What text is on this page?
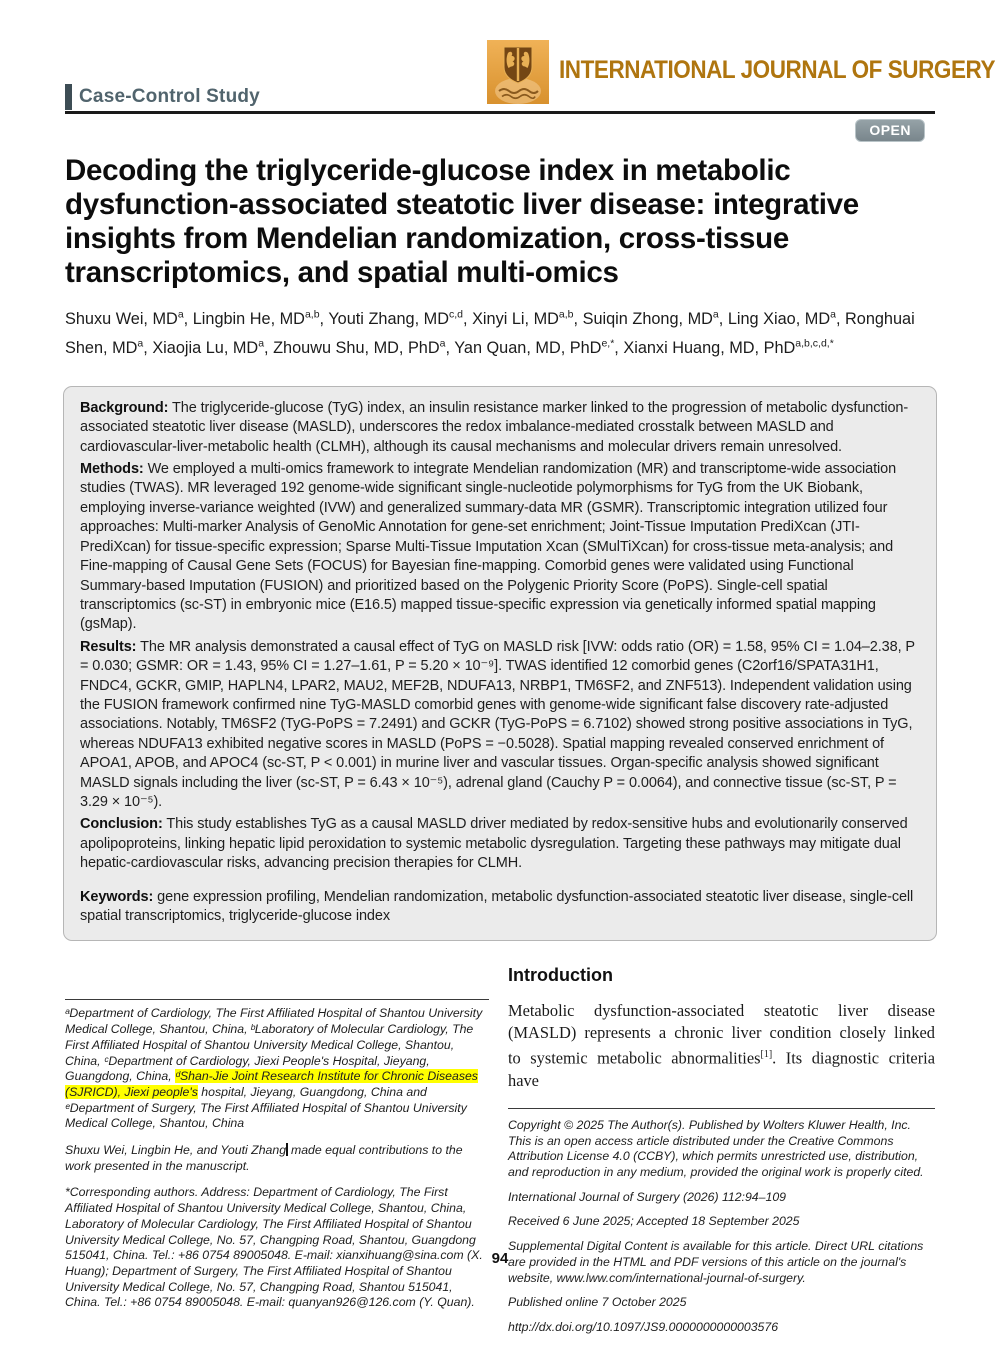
INTERNATIONAL JOURNAL OF SURGERY
Case-Control Study
OPEN
Decoding the triglyceride-glucose index in metabolic dysfunction-associated steatotic liver disease: integrative insights from Mendelian randomization, cross-tissue transcriptomics, and spatial multi-omics
Shuxu Wei, $MD^a$, Lingbin He, MD$^{a,b}$, Youti Zhang, MD$^{c,d}$, Xinyi Li, MD$^{a,b}$, Suiqin Zhong, $MD^a$, Ling Xiao, $MD^a$, Ronghuai Shen, $MD^a$, Xiaojia Lu, $MD^a$, Zhouwu Shu, MD, PhD$^a$, Yan Quan, MD, PhD$^{e,*}$, Xianxi Huang, MD, PhD$^{a,b,c,d,*}$

Background: The triglyceride-glucose (TyG) index, an insulin resistance marker linked to the progression of metabolic dysfunction-associated steatotic liver disease (MASLD), underscores the redox imbalance-mediated crosstalk between MASLD and cardiovascular-liver-metabolic health (CLMH), although its causal mechanisms and molecular drivers remain unresolved.

Methods: We employed a multi-omics framework to integrate Mendelian randomization (MR) and transcriptome-wide association studies (TWAS). MR leveraged 192 genome-wide significant single-nucleotide polymorphisms for TyG from the UK Biobank, employing inverse-variance weighted (IVW) and generalized summary-data MR (GSMR). Transcriptomic integration utilized four approaches: Multi-marker Analysis of GenoMic Annotation for gene-set enrichment; Joint-Tissue Imputation PrediXcan (JTI-PrediXcan) for tissue-specific expression; Sparse Multi-Tissue Imputation Xcan (SMulTiXcan) for cross-tissue meta-analysis; and Fine-mapping of Causal Gene Sets (FOCUS) for Bayesian fine-mapping. Comorbid genes were validated using Functional Summary-based Imputation (FUSION) and prioritized based on the Polygenic Priority Score (PoPS). Single-cell spatial transcriptomics (sc-ST) in embryonic mice (E16.5) mapped tissue-specific expression via genetically informed spatial mapping (gsMap).

Results: The MR analysis demonstrated a causal effect of TyG on MASLD risk [IVW: odds ratio (OR) = 1.58, 95% CI = 1.04–2.38, P = 0.030; GSMR: OR = 1.43, 95% CI = 1.27–1.61, P = 5.20 × 10⁻⁹]. TWAS identified 12 comorbid genes (C2orf16/SPATA31H1, FNDC4, GCKR, GMIP, HAPLN4, LPAR2, MAU2, MEF2B, NDUFA13, NRBP1, TM6SF2, and ZNF513). Independent validation using the FUSION framework confirmed nine TyG-MASLD comorbid genes with genome-wide significant false discovery rate-adjusted associations. Notably, TM6SF2 (TyG-PoPS = 7.2491) and GCKR (TyG-PoPS = 6.7102) showed strong positive associations in TyG, whereas NDUFA13 exhibited negative scores in MASLD (PoPS = −0.5028). Spatial mapping revealed conserved enrichment of APOA1, APOB, and APOC4 (sc-ST, P < 0.001) in murine liver and vascular tissues. Organ-specific analysis showed significant MASLD signals including the liver (sc-ST, P = 6.43 × 10⁻⁵), adrenal gland (Cauchy P = 0.0064), and connective tissue (sc-ST, P = 3.29 × 10⁻⁵).

Conclusion: This study establishes TyG as a causal MASLD driver mediated by redox-sensitive hubs and evolutionarily conserved apolipoproteins, linking hepatic lipid peroxidation to systemic metabolic dysregulation. Targeting these pathways may mitigate dual hepatic-cardiovascular risks, advancing precision therapies for CLMH.

Keywords: gene expression profiling, Mendelian randomization, metabolic dysfunction-associated steatotic liver disease, single-cell spatial transcriptomics, triglyceride-glucose index

ᵃDepartment of Cardiology, The First Affiliated Hospital of Shantou University Medical College, Shantou, China, ᵇLaboratory of Molecular Cardiology, The First Affiliated Hospital of Shantou University Medical College, Shantou, China, ᶜDepartment of Cardiology, Jiexi People's Hospital, Jieyang, Guangdong, China, ᵈShan-Jie Joint Research Institute for Chronic Diseases (SJRICD), Jiexi people's hospital, Jieyang, Guangdong, China and ᵉDepartment of Surgery, The First Affiliated Hospital of Shantou University Medical College, Shantou, China

Shuxu Wei, Lingbin He, and Youti Zhang made equal contributions to the work presented in the manuscript.

*Corresponding authors. Address: Department of Cardiology, The First Affiliated Hospital of Shantou University Medical College, Shantou, China, Laboratory of Molecular Cardiology, The First Affiliated Hospital of Shantou University Medical College, No. 57, Changping Road, Shantou, Guangdong 515041, China. Tel.: +86 0754 89005048. E-mail: xianxihuang@sina.com (X. Huang); Department of Surgery, The First Affiliated Hospital of Shantou University Medical College, No. 57, Changping Road, Shantou 515041, China. Tel.: +86 0754 89005048. E-mail: quanyan926@126.com (Y. Quan).

Introduction

Metabolic dysfunction-associated steatotic liver disease (MASLD) represents a chronic liver condition closely linked to systemic metabolic abnormalities[1]. Its diagnostic criteria have

Copyright © 2025 The Author(s). Published by Wolters Kluwer Health, Inc. This is an open access article distributed under the Creative Commons Attribution License 4.0 (CCBY), which permits unrestricted use, distribution, and reproduction in any medium, provided the original work is properly cited.

International Journal of Surgery (2026) 112:94–109

Received 6 June 2025; Accepted 18 September 2025

Supplemental Digital Content is available for this article. Direct URL citations are provided in the HTML and PDF versions of this article on the journal's website, www.lww.com/international-journal-of-surgery.

Published online 7 October 2025

http://dx.doi.org/10.1097/JS9.0000000000003576

94
